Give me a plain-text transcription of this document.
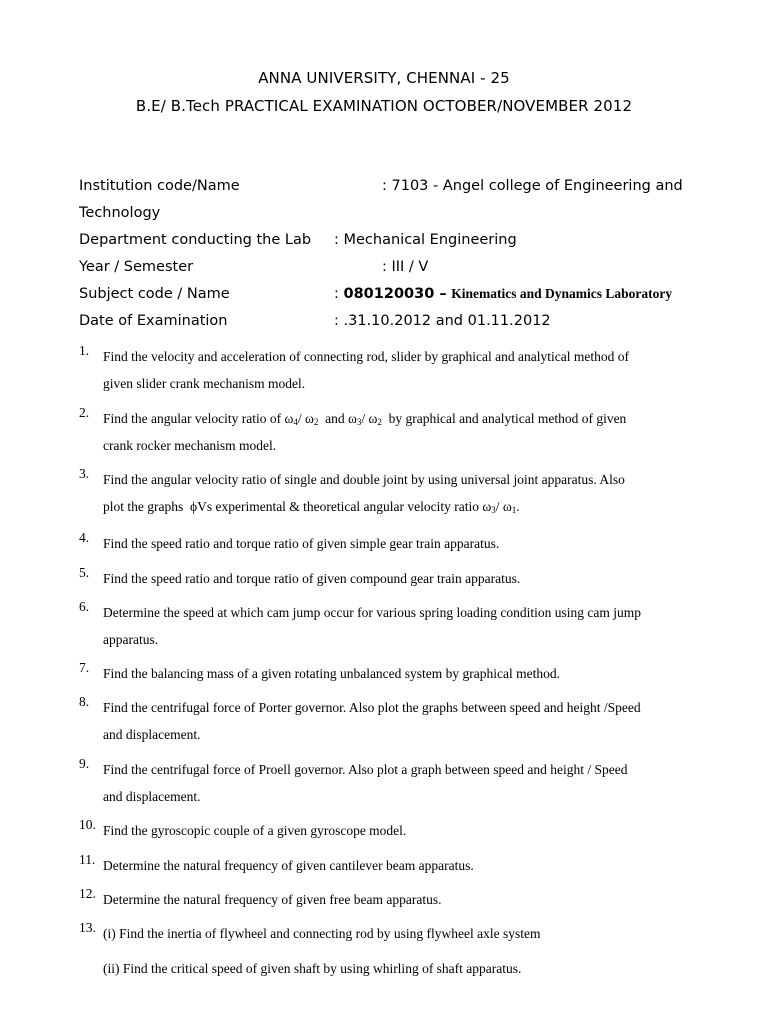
ANNA UNIVERSITY, CHENNAI - 25
B.E/ B.Tech PRACTICAL EXAMINATION OCTOBER/NOVEMBER 2012
Institution code/Name	: 7103 - Angel college of Engineering and
Technology
Department conducting the Lab : Mechanical Engineering
Year / Semester	: III / V
Subject code / Name	: 080120030 – Kinematics and Dynamics Laboratory
Date of Examination	: .31.10.2012 and 01.11.2012
1. Find the velocity and acceleration of connecting rod, slider by graphical and analytical method of
given slider crank mechanism model.
2. Find the angular velocity ratio of $\omega_4/$ $\omega_2$  and $\omega_3/$ $\omega_2$  by graphical and analytical method of given
crank rocker mechanism model.
3. Find the angular velocity ratio of single and double joint by using universal joint apparatus. Also
plot the graphs  ϕVs experimental & theoretical angular velocity ratio $\omega_3/$ $\omega_1$.
4. Find the speed ratio and torque ratio of given simple gear train apparatus.
5. Find the speed ratio and torque ratio of given compound gear train apparatus.
6. Determine the speed at which cam jump occur for various spring loading condition using cam jump
apparatus.
7. Find the balancing mass of a given rotating unbalanced system by graphical method.
8. Find the centrifugal force of Porter governor. Also plot the graphs between speed and height /Speed
and displacement.
9. Find the centrifugal force of Proell governor. Also plot a graph between speed and height / Speed
and displacement.
10. Find the gyroscopic couple of a given gyroscope model.
11. Determine the natural frequency of given cantilever beam apparatus.
12. Determine the natural frequency of given free beam apparatus.
13. (i) Find the inertia of flywheel and connecting rod by using flywheel axle system
(ii) Find the critical speed of given shaft by using whirling of shaft apparatus.
